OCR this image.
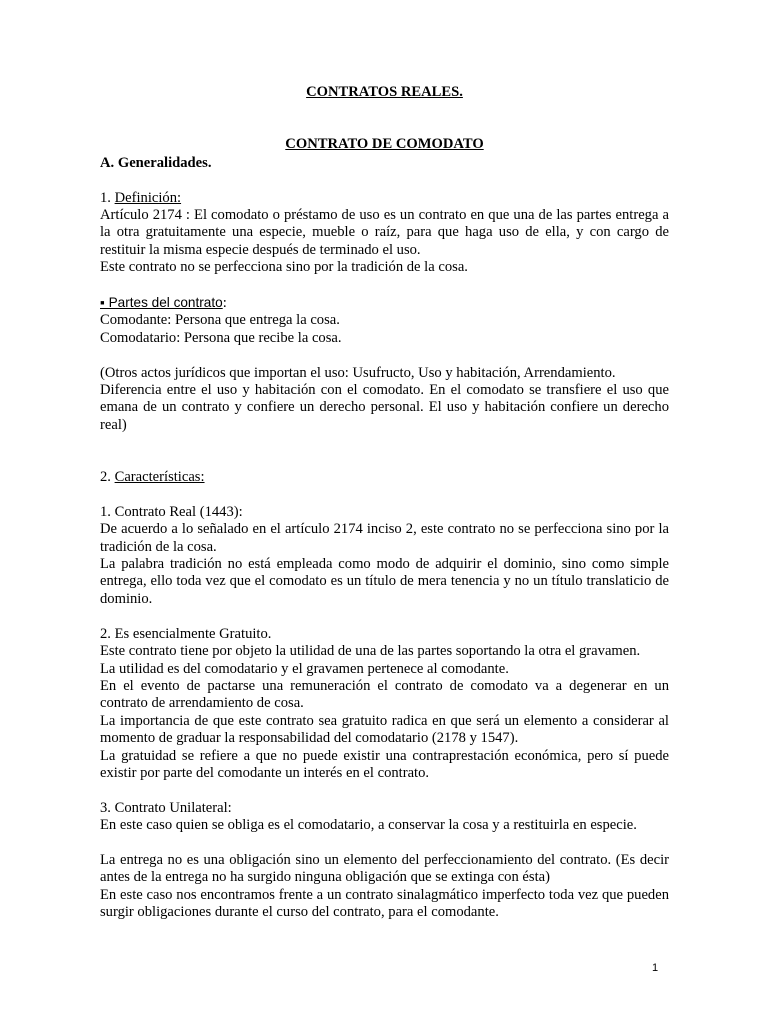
CONTRATOS REALES.
CONTRATO DE COMODATO
A. Generalidades.
1. Definición:

Artículo 2174 : El comodato o préstamo de uso es un contrato en que una de las partes entrega a la otra gratuitamente una especie, mueble o raíz, para que haga uso de ella, y con cargo de restituir la misma especie después de terminado el uso.

Este contrato no se perfecciona sino por la tradición de la cosa.

▪ Partes del contrato:
Comodante: Persona que entrega la cosa.
Comodatario: Persona que recibe la cosa.
(Otros actos jurídicos que importan el uso: Usufructo, Uso y habitación, Arrendamiento.

Diferencia entre el uso y habitación con el comodato. En el comodato se transfiere el uso que emana de un contrato y confiere un derecho personal. El uso y habitación confiere un derecho real)

2. Características:
1. Contrato Real (1443):

De acuerdo a lo señalado en el artículo 2174 inciso 2, este contrato no se perfecciona sino por la tradición de la cosa.

La palabra tradición no está empleada como modo de adquirir el dominio, sino como simple entrega, ello toda vez que el comodato es un título de mera tenencia y no un título translaticio de dominio.

2. Es esencialmente Gratuito.

Este contrato tiene por objeto la utilidad de una de las partes soportando la otra el gravamen.

La utilidad es del comodatario y el gravamen pertenece al comodante.

En el evento de pactarse una remuneración el contrato de comodato va a degenerar en un contrato de arrendamiento de cosa.

La importancia de que este contrato sea gratuito radica en que será un elemento a considerar al momento de graduar la responsabilidad del comodatario (2178 y 1547).

La gratuidad se refiere a que no puede existir una contraprestación económica, pero sí puede existir por parte del comodante un interés en el contrato.

3. Contrato Unilateral:

En este caso quien se obliga es el comodatario, a conservar la cosa y a restituirla en especie.

La entrega no es una obligación sino un elemento del perfeccionamiento del contrato. (Es decir antes de la entrega no ha surgido ninguna obligación que se extinga con ésta)

En este caso nos encontramos frente a un contrato sinalagmático imperfecto toda vez que pueden surgir obligaciones durante el curso del contrato, para el comodante.

1
